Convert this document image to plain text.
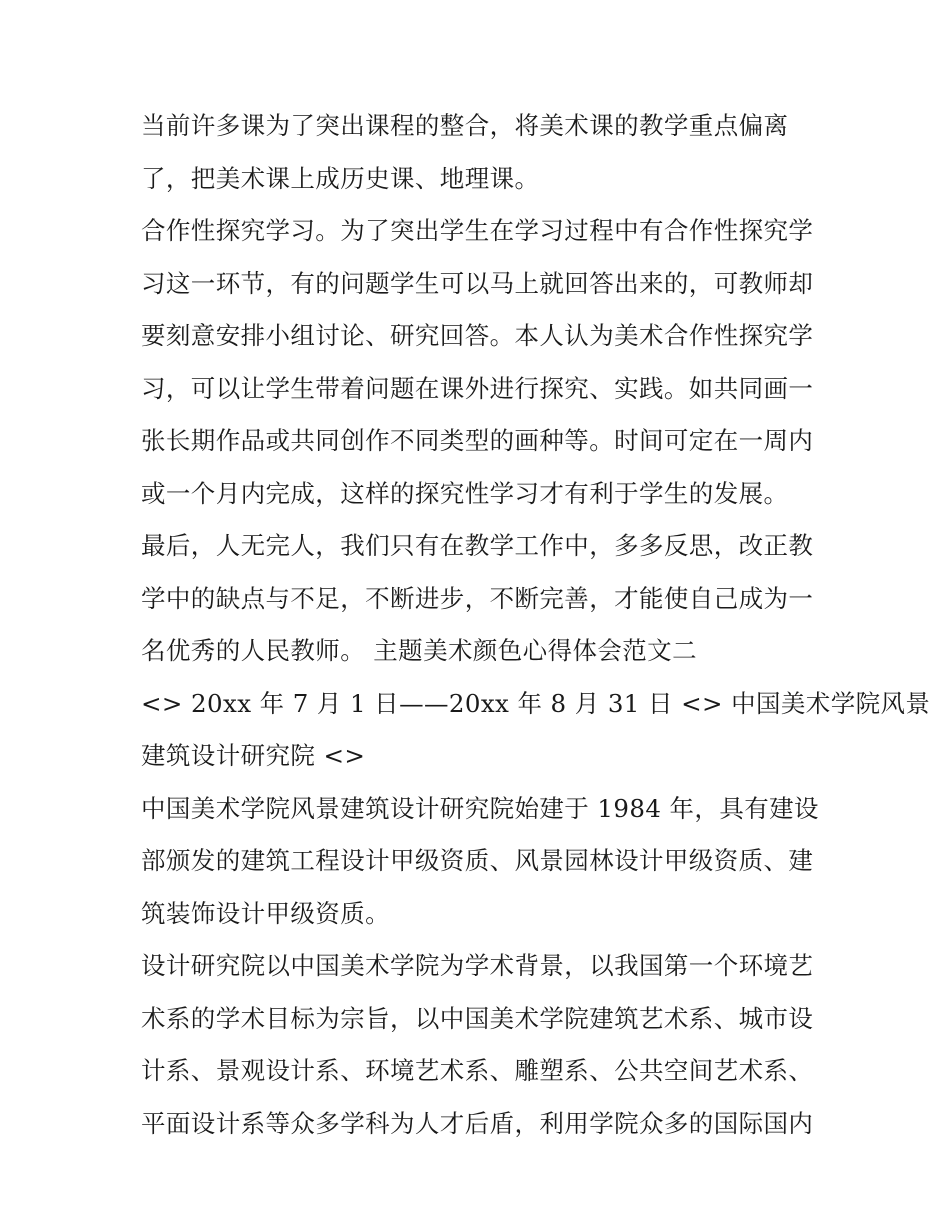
当前许多课为了突出课程的整合，将美术课的教学重点偏离
了，把美术课上成历史课、地理课。

合作性探究学习。为了突出学生在学习过程中有合作性探究学
习这一环节，有的问题学生可以马上就回答出来的，可教师却
要刻意安排小组讨论、研究回答。本人认为美术合作性探究学
习，可以让学生带着问题在课外进行探究、实践。如共同画一
张长期作品或共同创作不同类型的画种等。时间可定在一周内
或一个月内完成，这样的探究性学习才有利于学生的发展。

最后，人无完人，我们只有在教学工作中，多多反思，改正教
学中的缺点与不足，不断进步，不断完善，才能使自己成为一
名优秀的人民教师。 主题美术颜色心得体会范文二

<> 20xx 年 7 月 1 日——20xx 年 8 月 31 日 <> 中国美术学院风景
建筑设计研究院 <>

中国美术学院风景建筑设计研究院始建于 1984 年，具有建设
部颁发的建筑工程设计甲级资质、风景园林设计甲级资质、建
筑装饰设计甲级资质。

设计研究院以中国美术学院为学术背景，以我国第一个环境艺
术系的学术目标为宗旨，以中国美术学院建筑艺术系、城市设
计系、景观设计系、环境艺术系、雕塑系、公共空间艺术系、
平面设计系等众多学科为人才后盾，利用学院众多的国际国内
